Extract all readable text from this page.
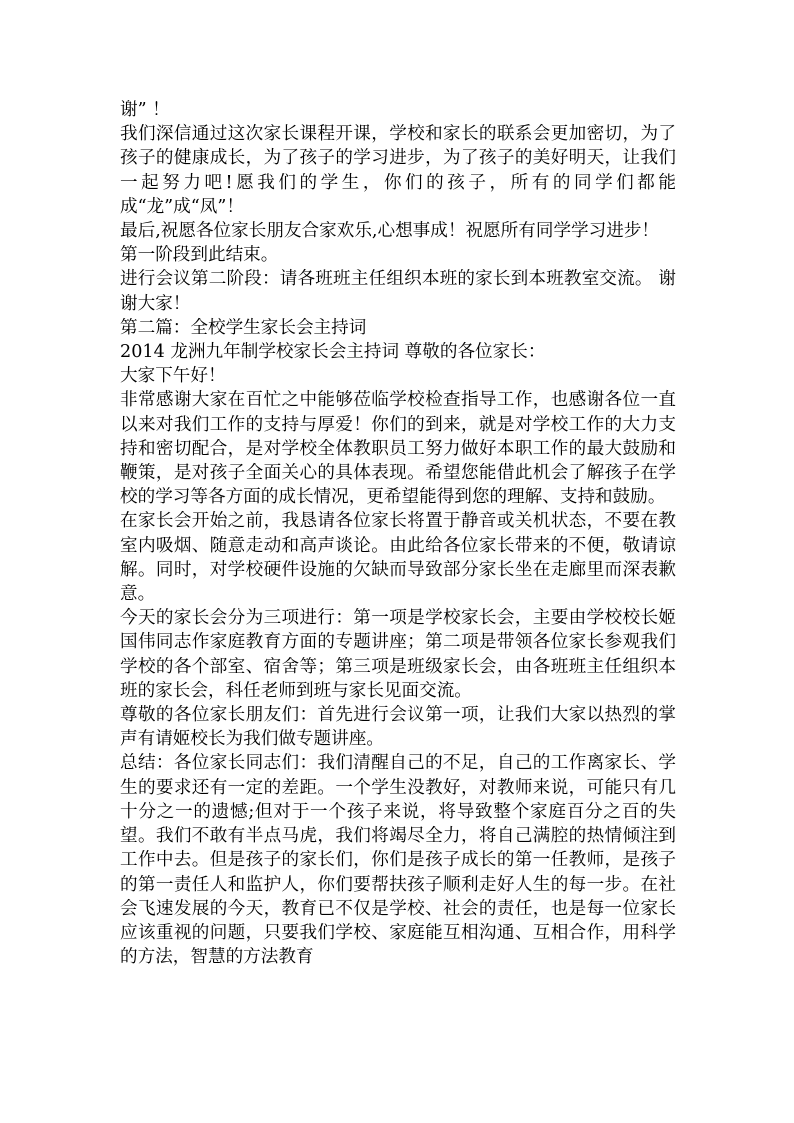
谢” ！

我们深信通过这次家长课程开课，学校和家长的联系会更加密切，为了孩子的健康成长，为了孩子的学习进步，为了孩子的美好明天，让我们一起努力吧!愿我们的学生，你们的孩子，所有的同学们都能成“龙”成“凤”！

最后,祝愿各位家长朋友合家欢乐,心想事成！祝愿所有同学学习进步！

第一阶段到此结束。

进行会议第二阶段：请各班班主任组织本班的家长到本班教室交流。 谢谢大家！

第二篇：全校学生家长会主持词

2014 龙洲九年制学校家长会主持词 尊敬的各位家长：

大家下午好！

非常感谢大家在百忙之中能够莅临学校检查指导工作，也感谢各位一直以来对我们工作的支持与厚爱！你们的到来，就是对学校工作的大力支持和密切配合，是对学校全体教职员工努力做好本职工作的最大鼓励和鞭策，是对孩子全面关心的具体表现。希望您能借此机会了解孩子在学校的学习等各方面的成长情况，更希望能得到您的理解、支持和鼓励。

在家长会开始之前，我恳请各位家长将置于静音或关机状态，不要在教室内吸烟、随意走动和高声谈论。由此给各位家长带来的不便，敬请谅解。同时，对学校硬件设施的欠缺而导致部分家长坐在走廊里而深表歉意。

今天的家长会分为三项进行：第一项是学校家长会，主要由学校校长姬国伟同志作家庭教育方面的专题讲座；第二项是带领各位家长参观我们学校的各个部室、宿舍等；第三项是班级家长会，由各班班主任组织本班的家长会，科任老师到班与家长见面交流。

尊敬的各位家长朋友们：首先进行会议第一项，让我们大家以热烈的掌声有请姬校长为我们做专题讲座。

总结：各位家长同志们：我们清醒自己的不足，自己的工作离家长、学生的要求还有一定的差距。一个学生没教好，对教师来说，可能只有几十分之一的遗憾;但对于一个孩子来说，将导致整个家庭百分之百的失望。我们不敢有半点马虎，我们将竭尽全力，将自己满腔的热情倾注到工作中去。但是孩子的家长们，你们是孩子成长的第一任教师，是孩子的第一责任人和监护人，你们要帮扶孩子顺利走好人生的每一步。在社会飞速发展的今天，教育已不仅是学校、社会的责任，也是每一位家长应该重视的问题，只要我们学校、家庭能互相沟通、互相合作，用科学的方法，智慧的方法教育
